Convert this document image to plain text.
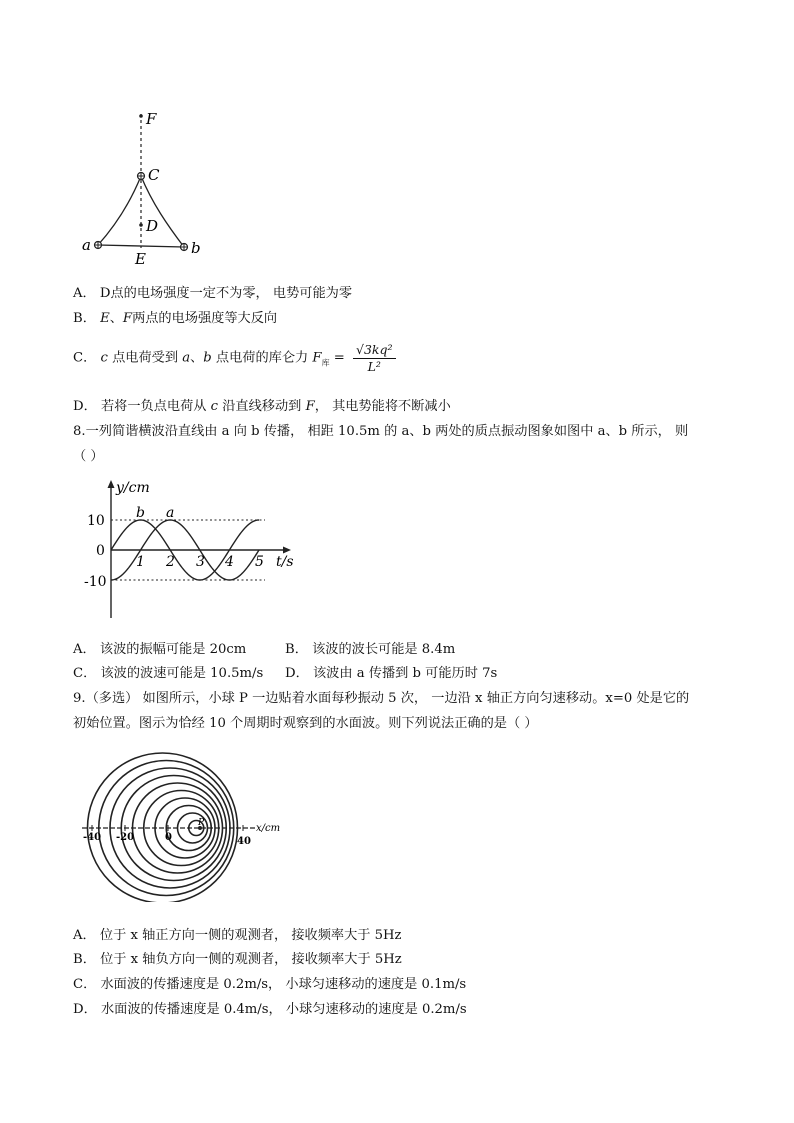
F
C
D
a	b
E
A． D点的电场强度一定不为零， 电势可能为零
B． E、F两点的电场强度等大反向
C． c 点电荷受到 a、b 点电荷的库仑力 $F_库 = \frac{\text{√3kq²}}{\text{L²}}$
D． 若将一负点电荷从 c 沿直线移动到 F， 其电势能将不断减小
8.一列简谐横波沿直线由 a 向 b 传播， 相距 10.5m 的 a、b 两处的质点振动图象如图中 a、b 所示， 则
（ ）
y/cm
t/s
10
0
-10
1 2 3 4 5
b a
A． 该波的振幅可能是 20cm	B． 该波的波长可能是 8.4m
C． 该波的波速可能是 10.5m/s D． 该波由 a 传播到 b 可能历时 7s
9.（多选） 如图所示，小球 P 一边贴着水面每秒振动 5 次， 一边沿 x 轴正方向匀速移动。x=0 处是它的
初始位置。图示为恰经 10 个周期时观察到的水面波。则下列说法正确的是（ ）
x/cm
-40 -20	0	40
P
A． 位于 x 轴正方向一侧的观测者， 接收频率大于 5Hz
B． 位于 x 轴负方向一侧的观测者， 接收频率大于 5Hz
C． 水面波的传播速度是 0.2m/s， 小球匀速移动的速度是 0.1m/s
D． 水面波的传播速度是 0.4m/s， 小球匀速移动的速度是 0.2m/s
